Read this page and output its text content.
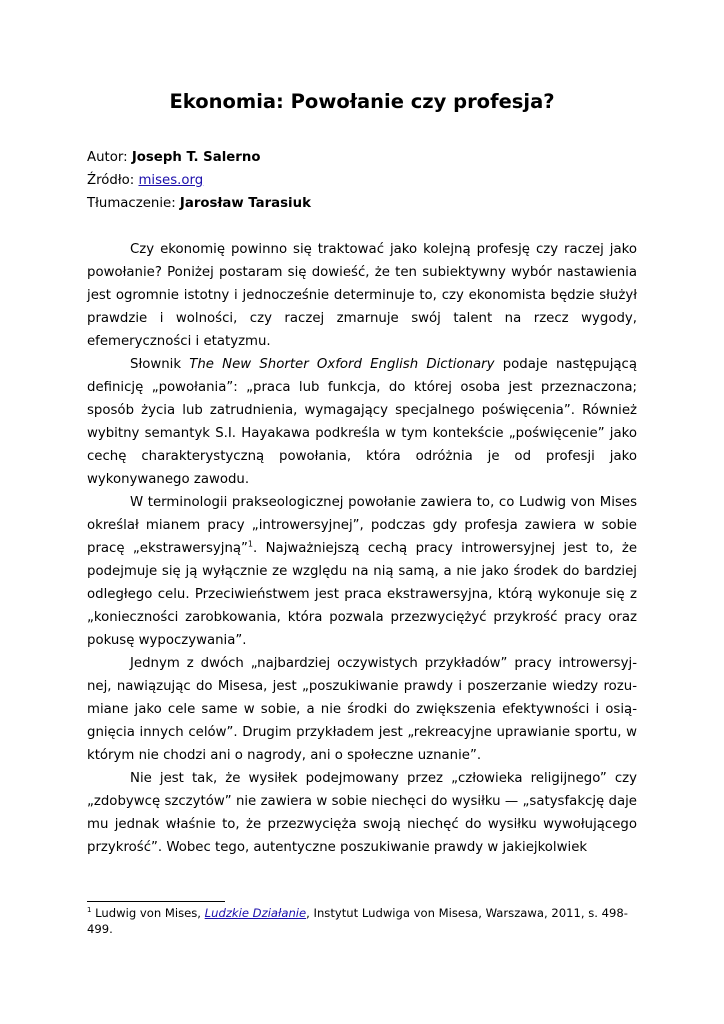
Ekonomia: Powołanie czy profesja?
Autor: Joseph T. Salerno
Źródło: mises.org
Tłumaczenie: Jarosław Tarasiuk

Czy ekonomię powinno się traktować jako kolejną profesję czy raczej jako powołanie? Poniżej postaram się dowieść, że ten subiektywny wybór nastawienia jest ogromnie istotny i jednocześnie determinuje to, czy ekonomista będzie służył prawdzie i wolności, czy raczej zmarnuje swój talent na rzecz wygody, efemeryczności i etatyzmu.

Słownik The New Shorter Oxford English Dictionary podaje następującą definicję „powołania”: „praca lub funkcja, do której osoba jest przeznaczona; sposób życia lub zatrudnienia, wymagający specjalnego poświęcenia”. Również wybitny semantyk S.I. Hayakawa podkreśla w tym kontekście „poświęcenie” jako cechę charakterystyczną powołania, która odróżnia je od profesji jako wykonywanego zawodu.

W terminologii prakseologicznej powołanie zawiera to, co Ludwig von Mises określał mianem pracy „introwersyjnej”, podczas gdy profesja zawiera w sobie pracę „ekstrawersyjną”$^1$. Najważniejszą cechą pracy introwersyjnej jest to, że podejmuje się ją wyłącznie ze względu na nią samą, a nie jako środek do bardziej odległego celu. Przeciwieństwem jest praca ekstrawersyjna, którą wykonuje się z „konieczności zarobkowania, która pozwala przezwyciężyć przykrość pracy oraz pokusę wypoczywania”.

Jednym z dwóch „najbardziej oczywistych przykładów” pracy introwersyjnej, nawiązując do Misesa, jest „poszukiwanie prawdy i poszerzanie wiedzy rozumiane jako cele same w sobie, a nie środki do zwiększenia efektywności i osiągnięcia innych celów”. Drugim przykładem jest „rekreacyjne uprawianie sportu, w którym nie chodzi ani o nagrody, ani o społeczne uznanie”.

Nie jest tak, że wysiłek podejmowany przez „człowieka religijnego” czy „zdobywcę szczytów” nie zawiera w sobie niechęci do wysiłku — „satysfakcję daje mu jednak właśnie to, że przezwycięża swoją niechęć do wysiłku wywołującego przykrość”. Wobec tego, autentyczne poszukiwanie prawdy w jakiejkolwiek

$^1$ Ludwig von Mises, Ludzkie Działanie, Instytut Ludwiga von Misesa, Warszawa, 2011, s. 498-499.
